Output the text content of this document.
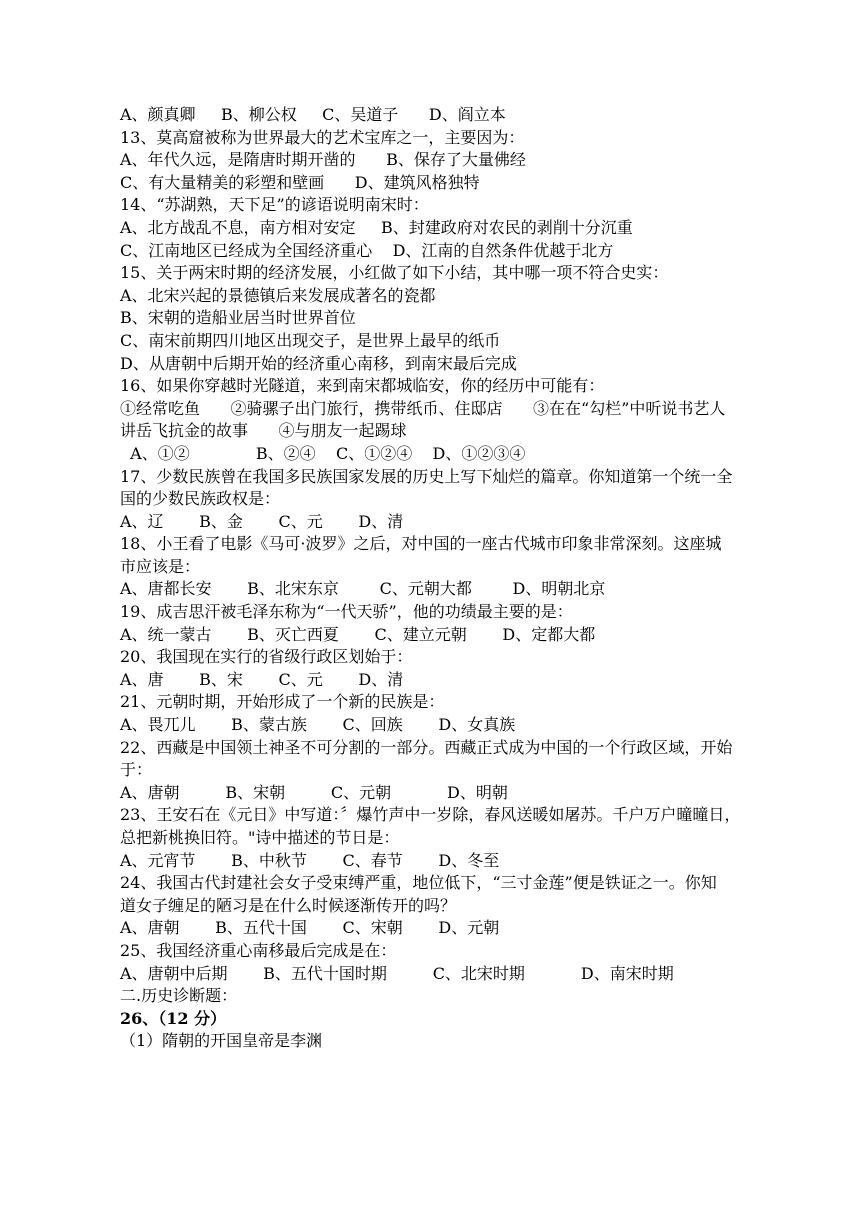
A、颜真卿     B、柳公权     C、吴道子      D、阎立本
13、莫高窟被称为世界最大的艺术宝库之一，主要因为：
A、年代久远，是隋唐时期开凿的      B、保存了大量佛经
C、有大量精美的彩塑和壁画      D、建筑风格独特
14、“苏湖熟，天下足”的谚语说明南宋时：
A、北方战乱不息，南方相对安定     B、封建政府对农民的剥削十分沉重
C、江南地区已经成为全国经济重心    D、江南的自然条件优越于北方
15、关于两宋时期的经济发展，小红做了如下小结，其中哪一项不符合史实：
A、北宋兴起的景德镇后来发展成著名的瓷都
B、宋朝的造船业居当时世界首位
C、南宋前期四川地区出现交子，是世界上最早的纸币
D、从唐朝中后期开始的经济重心南移，到南宋最后完成
16、如果你穿越时光隧道，来到南宋都城临安，你的经历中可能有：
①经常吃鱼      ②骑骡子出门旅行，携带纸币、住邸店      ③在在“勾栏”中听说书艺人
讲岳飞抗金的故事      ④与朋友一起踢球
A、①②             B、②④    C、①②④    D、①②③④
17、少数民族曾在我国多民族国家发展的历史上写下灿烂的篇章。你知道第一个统一全
国的少数民族政权是：
A、辽       B、金       C、元       D、清
18、小王看了电影《马可·波罗》之后，对中国的一座古代城市印象非常深刻。这座城
市应该是：
A、唐都长安       B、北宋东京        C、元朝大都        D、明朝北京
19、成吉思汗被毛泽东称为“一代天骄”，他的功绩最主要的是：
A、统一蒙古       B、灭亡西夏       C、建立元朝       D、定都大都
20、我国现在实行的省级行政区划始于：
A、唐       B、宋       C、元       D、清
21、元朝时期，开始形成了一个新的民族是：
A、畏兀儿       B、蒙古族       C、回族       D、女真族
22、西藏是中国领土神圣不可分割的一部分。西藏正式成为中国的一个行政区域，开始
于：
A、唐朝         B、宋朝         C、元朝           D、明朝
23、王安石在《元日》中写道：〞爆竹声中一岁除，春风送暖如屠苏。千户万户曈曈日，
总把新桃换旧符。"诗中描述的节日是：
A、元宵节       B、中秋节       C、春节       D、冬至
24、我国古代封建社会女子受束缚严重，地位低下，“三寸金莲”便是铁证之一。你知
道女子缠足的陋习是在什么时候逐渐传开的吗？
A、唐朝       B、五代十国       C、宋朝       D、元朝
25、我国经济重心南移最后完成是在：
A、唐朝中后期       B、五代十国时期         C、北宋时期           D、南宋时期
二.历史诊断题：
26、（12 分）
（1）隋朝的开国皇帝是李渊
